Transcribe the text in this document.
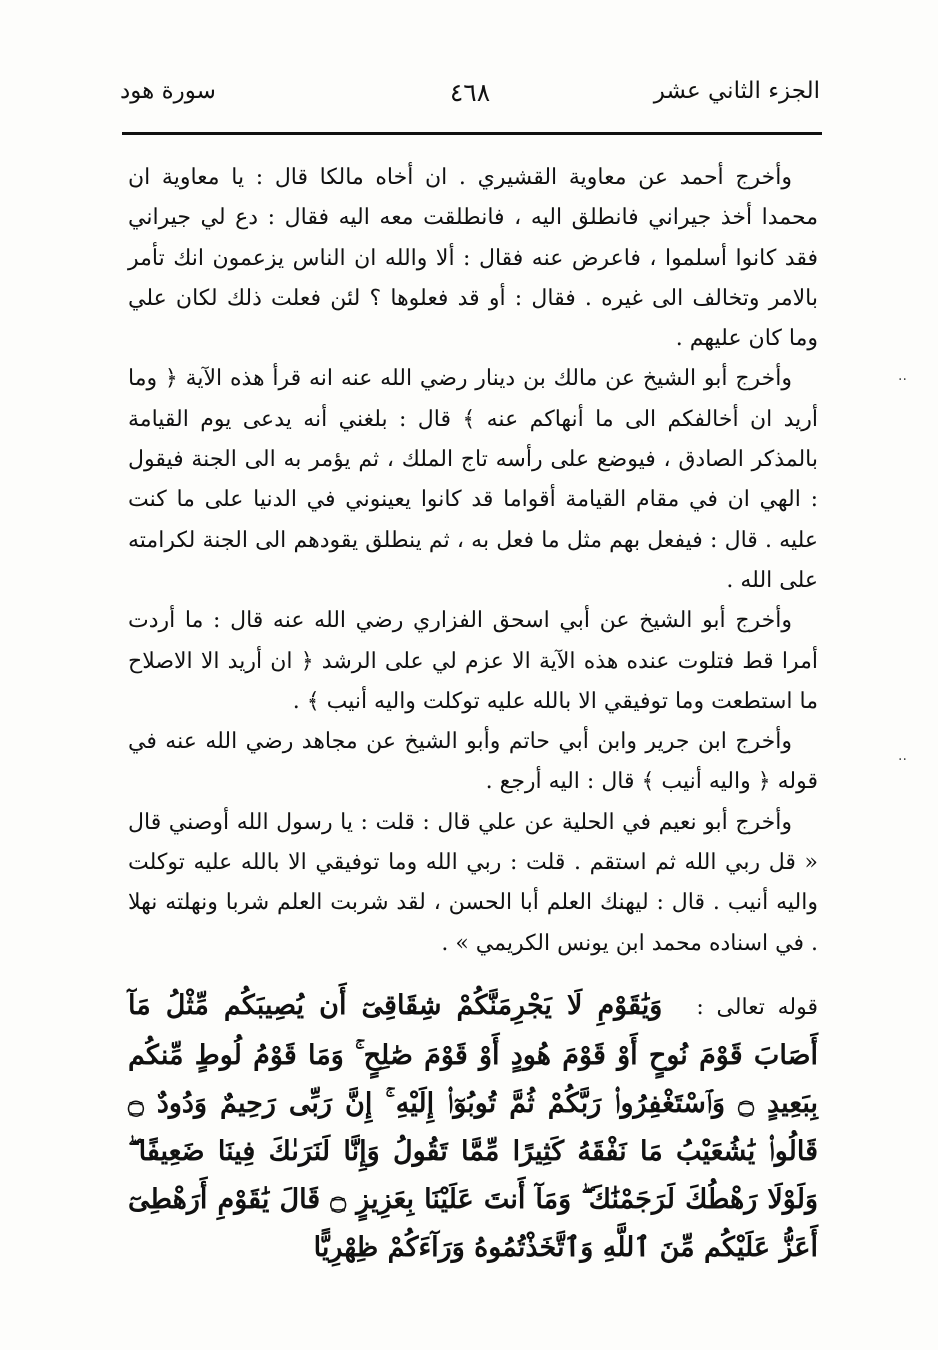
الجزء الثاني عشر
٤٦٨
سورة هود

وأخرج أحمد عن معاوية القشيري . ان أخاه مالكا قال : يا معاوية ان محمدا أخذ جيراني فانطلق اليه ، فانطلقت معه اليه فقال : دع لي جيراني فقد كانوا أسلموا ، فاعرض عنه فقال : ألا والله ان الناس يزعمون انك تأمر بالامر وتخالف الى غيره . فقال : أو قد فعلوها ؟ لئن فعلت ذلك لكان علي وما كان عليهم .

وأخرج أبو الشيخ عن مالك بن دينار رضي الله عنه انه قرأ هذه الآية ﴿ وما أريد ان أخالفكم الى ما أنهاكم عنه ﴾ قال : بلغني أنه يدعى يوم القيامة بالمذكر الصادق ، فيوضع على رأسه تاج الملك ، ثم يؤمر به الى الجنة فيقول : الهي ان في مقام القيامة أقواما قد كانوا يعينوني في الدنيا على ما كنت عليه . قال : فيفعل بهم مثل ما فعل به ، ثم ينطلق يقودهم الى الجنة لكرامته على الله .

وأخرج أبو الشيخ عن أبي اسحق الفزاري رضي الله عنه قال : ما أردت أمرا قط فتلوت عنده هذه الآية الا عزم لي على الرشد ﴿ ان أريد الا الاصلاح ما استطعت وما توفيقي الا بالله عليه توكلت واليه أنيب ﴾ .

وأخرج ابن جرير وابن أبي حاتم وأبو الشيخ عن مجاهد رضي الله عنه في قوله ﴿ واليه أنيب ﴾ قال : اليه أرجع .

وأخرج أبو نعيم في الحلية عن علي قال : قلت : يا رسول الله أوصني قال « قل ربي الله ثم استقم . قلت : ربي الله وما توفيقي الا بالله عليه توكلت واليه أنيب . قال : ليهنك العلم أبا الحسن ، لقد شربت العلم شربا ونهلته نهلا . في اسناده محمد ابن يونس الكريمي » .

قوله تعالى :وَيَٰقَوْمِ لَا يَجْرِمَنَّكُمْ شِقَاقِىٓ أَن يُصِيبَكُم مِّثْلُ مَآ أَصَابَ قَوْمَ نُوحٍ أَوْ قَوْمَ هُودٍ أَوْ قَوْمَ صَٰلِحٍ ۚ وَمَا قَوْمُ لُوطٍ مِّنكُم بِبَعِيدٍ ۝ وَٱسْتَغْفِرُوا۟ رَبَّكُمْ ثُمَّ تُوبُوٓا۟ إِلَيْهِ ۚ إِنَّ رَبِّى رَحِيمٌ وَدُودٌ ۝ قَالُوا۟ يَٰشُعَيْبُ مَا نَفْقَهُ كَثِيرًا مِّمَّا تَقُولُ وَإِنَّا لَنَرَىٰكَ فِينَا ضَعِيفًا ۖ وَلَوْلَا رَهْطُكَ لَرَجَمْنَٰكَ ۖ وَمَآ أَنتَ عَلَيْنَا بِعَزِيزٍ ۝ قَالَ يَٰقَوْمِ أَرَهْطِىٓ أَعَزُّ عَلَيْكُم مِّنَ ٱللَّهِ وَٱتَّخَذْتُمُوهُ وَرَآءَكُمْ ظِهْرِيًّا
··
··
